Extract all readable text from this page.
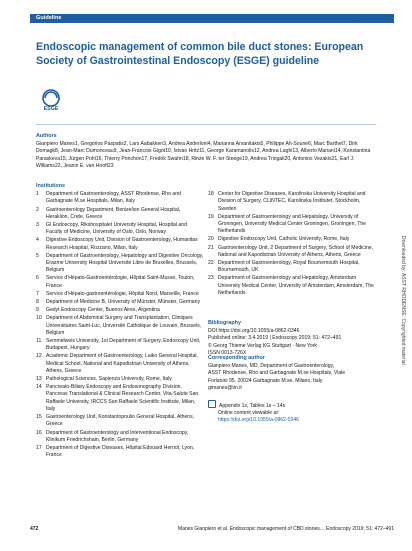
Guideline	✦ Thieme
Endoscopic management of common bile duct stones: European Society of Gastrointestinal Endoscopy (ESGE) guideline
ESGE
Authors

Gianpiero Manes1, Gregorios Paspatis2, Lars Aabakken3, Andrea Anderloni4, Marianna Arvanitakis5, Philippe Ah-Soune6, Marc Barthet7, Dirk Domagk8, Jean-Marc Dumonceau9, Jean-Francois Gigot10, Istvan Hritz11, George Karamanolis12, Andrea Laghi13, Alberto Mariani14, Konstantina Paraskeva15, Jürgen Pohl16, Thierry Ponchon17, Fredrik Swahn18, Rinze W. F. ter Steege19, Andrea Tringali20, Antonios Vezakis21, Earl J. Williams22, Jeanin E. van Hooft23

Institutions
1	Department of Gastroenterology, ASST Rhodense, Rho and Garbagnate M.se Hospitals, Milan, Italy
2	Gastroenterology Department, Benizelion General Hospital, Heraklion, Crete, Greece
3	GI Endoscopy, Rikshospitalet University Hospital, Hospital and Faculty of Medicine, University of Oslo, Oslo, Norway
4	Digestive Endoscopy Unit, Division of Gastroenterology, Humanitas Research Hospital, Rozzano, Milan, Italy
5	Department of Gastroenterology, Hepatology and Digestive Oncology, Erasme University Hospital Université Libre de Bruxelles, Brussels, Belgium
6	Service d'Hépato-Gastroentérologie, Hôpital Saint-Musse, Toulon, France
7	Service d'Hépato-gastroentérologie, Hôpital Nord, Marseille, France
8	Department of Medicine B, University of Münster, Münster, Germany
9	Gedyt Endoscopy Center, Buenos Aires, Argentina
10 Department of Abdominal Surgery and Transplantation, Cliniques Universitaires Saint-Luc, Université Catholique de Louvain, Brussels, Belgium
11 Semmelweis University, 1st Department of Surgery, Endoscopy Unit, Budapest, Hungary
12 Academic Department of Gastroenterology, Laiko General Hospital, Medical School, National and Kapodistrian University of Athens, Athens, Greece
13 Pathological Sciences, Sapienza University, Rome, Italy
14 Pancreato-Biliary Endoscopy and Endosonography Division, Pancreas Translational & Clinical Research Center, Vita-Salute San Raffaele University, IRCCS San Raffaele Scientific Institute, Milan, Italy
15 Gastroenterology Unit, Konstantopoulio General Hospital, Athens, Greece
16 Department of Gastroenterology and Interventional Endoscopy, Klinikum Friedrichshain, Berlin, Germany
17 Department of Digestive Diseases, Hôpital Edouard Herriot, Lyon, France
18 Center for Digestive Diseases, Karolinska University Hospital and Division of Surgery, CLINTEC, Karolinska Institutet, Stockholm, Sweden
19 Department of Gastroenterology and Hepatology, University of Groningen, University Medical Center Groningen, Groningen, The Netherlands
20 Digestive Endoscopy Unit, Catholic University, Rome, Italy
21 Gastroenterology Unit, 2 Department of Surgery, School of Medicine, National and Kapodistrian University of Athens, Athens, Greece
22 Department of Gastroenterology, Royal Bournemouth Hospital, Bournemouth, UK
23 Department of Gastroenterology and Hepatology, Amsterdam University Medical Center, University of Amsterdam, Amsterdam, The Netherlands
Bibliography

DOI https://doi.org/10.1055/a-0862-0346

Published online: 3.4.2019 | Endoscopy 2019; 51: 472–491

© Georg Thieme Verlag KG Stuttgart · New York

ISSN 0013-726X

Corresponding author

Gianpiero Manes, MD, Department of Gastroenterology,

ASST Rhodense, Rho and Garbagnate M.se Hospitals, Viale

Forlanini 95, 20024 Garbagnate M.se, Milano, Italy

gimanes@tin.it

Appendix 1s, Tables 1s – 14s
Online content viewable at:
https://doi.org/10.1055/a-0862-0346
472	Manes Gianpiero et al. Endoscopic management of CBD stones… Endoscopy 2019; 51: 472–491
Downloaded by: ASST RHODENSE. Copyrighted material.
